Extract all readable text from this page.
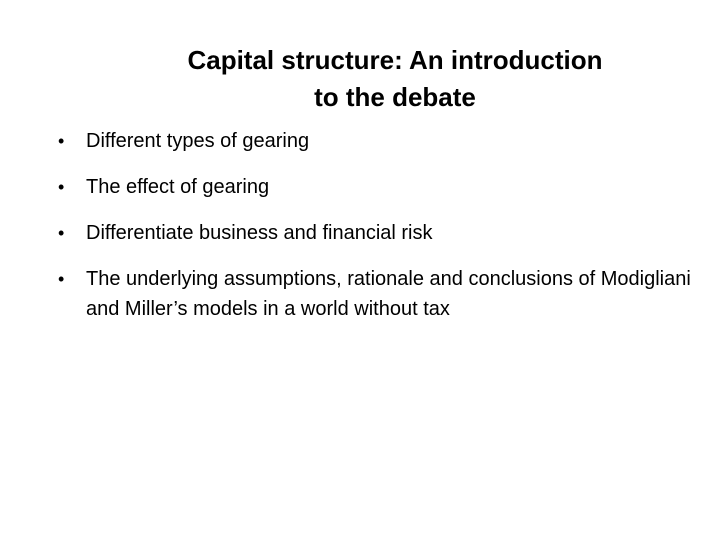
Capital structure: An introduction
to the debate
• Different types of gearing
• The effect of gearing
• Differentiate business and financial risk
• The underlying assumptions, rationale and conclusions of Modigliani and Miller’s models in a world without tax
